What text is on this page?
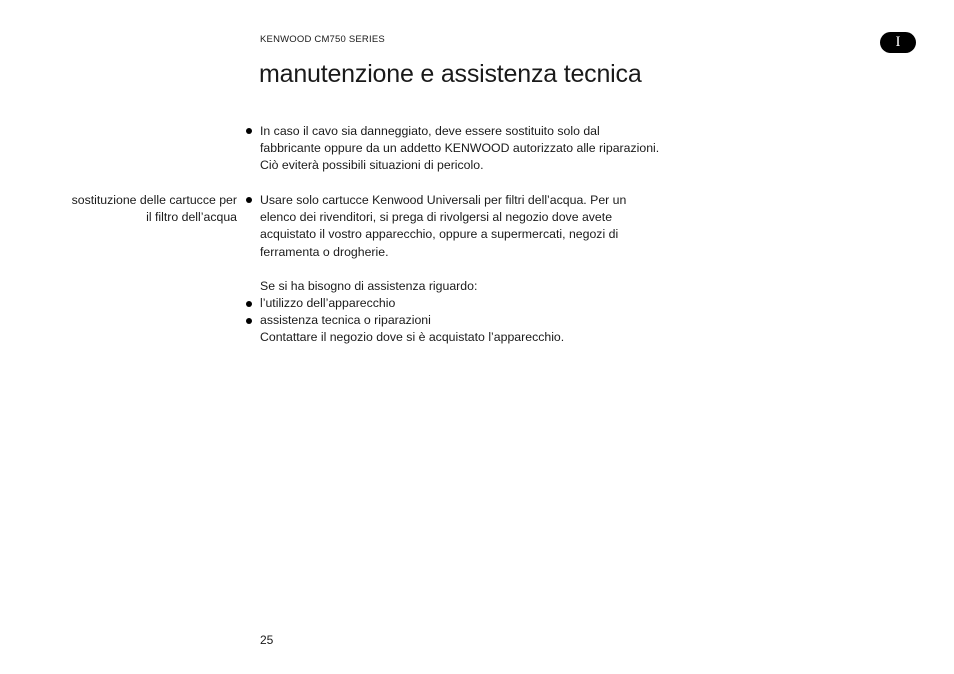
KENWOOD CM750 SERIES	I
manutenzione e assistenza tecnica
sostituzione delle cartucce per
il filtro dell’acqua
In caso il cavo sia danneggiato, deve essere sostituito solo dal
fabbricante oppure da un addetto KENWOOD autorizzato alle riparazioni.
Ciò eviterà possibili situazioni di pericolo.
Usare solo cartucce Kenwood Universali per filtri dell’acqua. Per un
elenco dei rivenditori, si prega di rivolgersi al negozio dove avete
acquistato il vostro apparecchio, oppure a supermercati, negozi di
ferramenta o drogherie.
Se si ha bisogno di assistenza riguardo:
l’utilizzo dell’apparecchio
assistenza tecnica o riparazioni
Contattare il negozio dove si è acquistato l’apparecchio.
25
